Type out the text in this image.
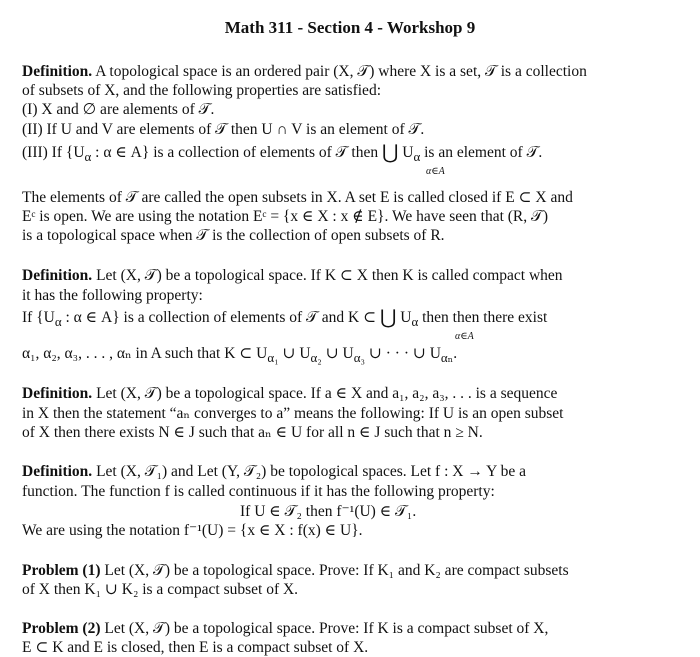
Math 311 - Section 4 - Workshop 9
Definition. A topological space is an ordered pair (X, 𝒯) where X is a set, 𝒯 is a collection
of subsets of X, and the following properties are satisfied:
(I) X and ∅ are alements of 𝒯.
(II) If U and V are elements of 𝒯 then U ∩ V is an element of 𝒯.
(III) If {$U_\alpha$ : α ∈ A} is a collection of elements of 𝒯 then ⋃ $U_\alpha$ is an element of 𝒯.
α∈A
The elements of 𝒯 are called the open subsets in X. A set E is called closed if E ⊂ X and
Eᶜ is open. We are using the notation Eᶜ = {x ∈ X : x ∉ E}. We have seen that (R, 𝒯)
is a topological space when 𝒯 is the collection of open subsets of R.
Definition. Let (X, 𝒯) be a topological space. If K ⊂ X then K is called compact when
it has the following property:
If {$U_\alpha$ : α ∈ A} is a collection of elements of 𝒯 and K ⊂ ⋃ $U_\alpha$ then then there exist
α∈A
α₁, α₂, α₃, . . . , αₙ in A such that K ⊂ $U_{\alpha_1}$ ∪ $U_{\alpha_2}$ ∪ $U_{\alpha_3}$ ∪ · · · ∪ $U_{\alpha_n}$.
Definition. Let (X, 𝒯) be a topological space. If a ∈ X and a₁, a₂, a₃, . . . is a sequence
in X then the statement “aₙ converges to a” means the following: If U is an open subset
of X then there exists N ∈ J such that aₙ ∈ U for all n ∈ J such that n ≥ N.
Definition. Let (X, 𝒯₁) and Let (Y, 𝒯₂) be topological spaces. Let f : X → Y be a
function. The function f is called continuous if it has the following property:
If U ∈ 𝒯₂ then f⁻¹(U) ∈ 𝒯₁.
We are using the notation f⁻¹(U) = {x ∈ X : f(x) ∈ U}.
Problem (1) Let (X, 𝒯) be a topological space. Prove: If K₁ and K₂ are compact subsets
of X then K₁ ∪ K₂ is a compact subset of X.
Problem (2) Let (X, 𝒯) be a topological space. Prove: If K is a compact subset of X,
E ⊂ K and E is closed, then E is a compact subset of X.
